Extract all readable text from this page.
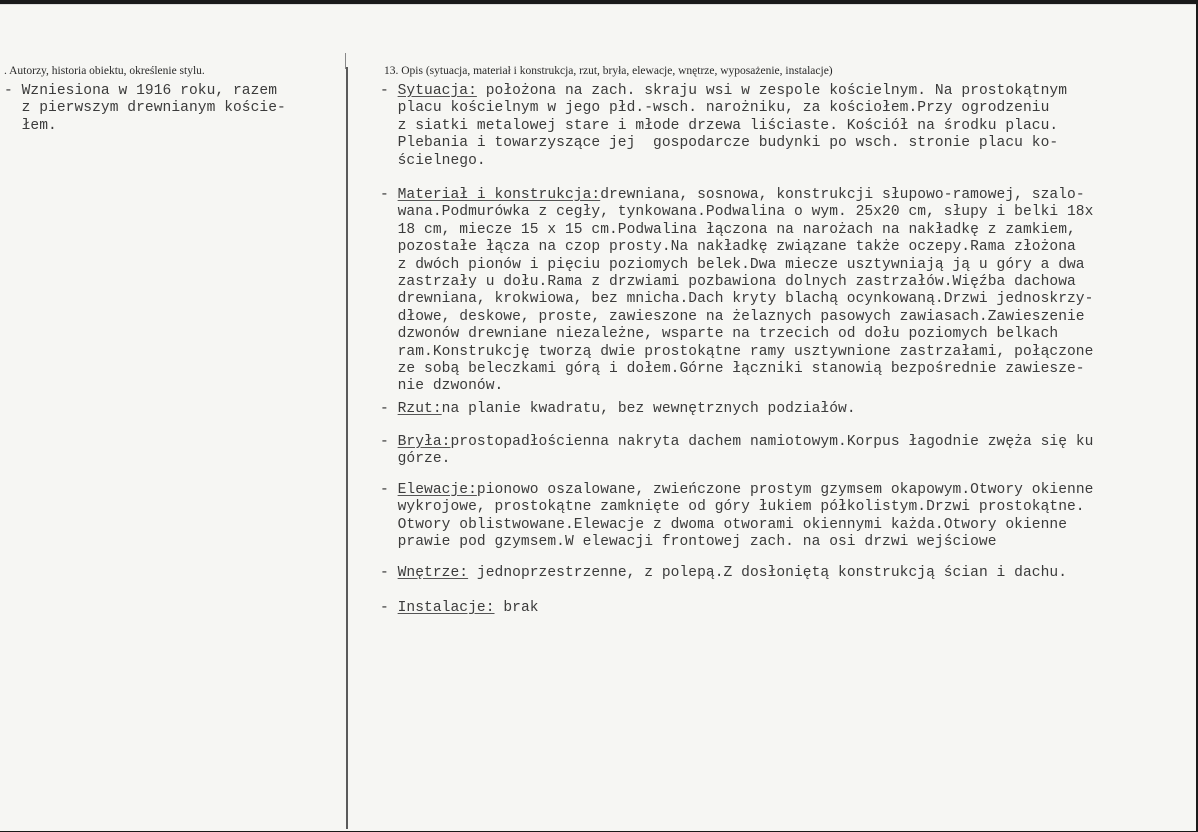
. Autorzy, historia obiektu, określenie stylu.	13. Opis (sytuacja, materiał i konstrukcja, rzut, bryła, elewacje, wnętrze, wyposażenie, instalacje)
- Wzniesiona w 1916 roku, razem
z pierwszym drewnianym koście-
łem.
- Sytuacja: położona na zach. skraju wsi w zespole kościelnym. Na prostokątnym
placu kościelnym w jego płd.-wsch. narożniku, za kościołem.Przy ogrodzeniu
z siatki metalowej stare i młode drzewa liściaste. Kościół na środku placu.
Plebania i towarzyszące jej  gospodarcze budynki po wsch. stronie placu ko-
ścielnego.
- Materiał i konstrukcja:drewniana, sosnowa, konstrukcji słupowo-ramowej, szalo-
wana.Podmurówka z cegły, tynkowana.Podwalina o wym. 25x20 cm, słupy i belki 18x
18 cm, miecze 15 x 15 cm.Podwalina łączona na narożach na nakładkę z zamkiem,
pozostałe łącza na czop prosty.Na nakładkę związane także oczepy.Rama złożona
z dwóch pionów i pięciu poziomych belek.Dwa miecze usztywniają ją u góry a dwa
zastrzały u dołu.Rama z drzwiami pozbawiona dolnych zastrzałów.Więźba dachowa
drewniana, krokwiowa, bez mnicha.Dach kryty blachą ocynkowaną.Drzwi jednoskrzy-
dłowe, deskowe, proste, zawieszone na żelaznych pasowych zawiasach.Zawieszenie
dzwonów drewniane niezależne, wsparte na trzecich od dołu poziomych belkach
ram.Konstrukcję tworzą dwie prostokątne ramy usztywnione zastrzałami, połączone
ze sobą beleczkami górą i dołem.Górne łączniki stanowią bezpośrednie zawiesze-
nie dzwonów.
- Rzut:na planie kwadratu, bez wewnętrznych podziałów.
- Bryła:prostopadłościenna nakryta dachem namiotowym.Korpus łagodnie zwęża się ku
górze.
- Elewacje:pionowo oszalowane, zwieńczone prostym gzymsem okapowym.Otwory okienne
wykrojowe, prostokątne zamknięte od góry łukiem półkolistym.Drzwi prostokątne.
Otwory oblistwowane.Elewacje z dwoma otworami okiennymi każda.Otwory okienne
prawie pod gzymsem.W elewacji frontowej zach. na osi drzwi wejściowe
- Wnętrze: jednoprzestrzenne, z polepą.Z dosłoniętą konstrukcją ścian i dachu.
- Instalacje: brak
